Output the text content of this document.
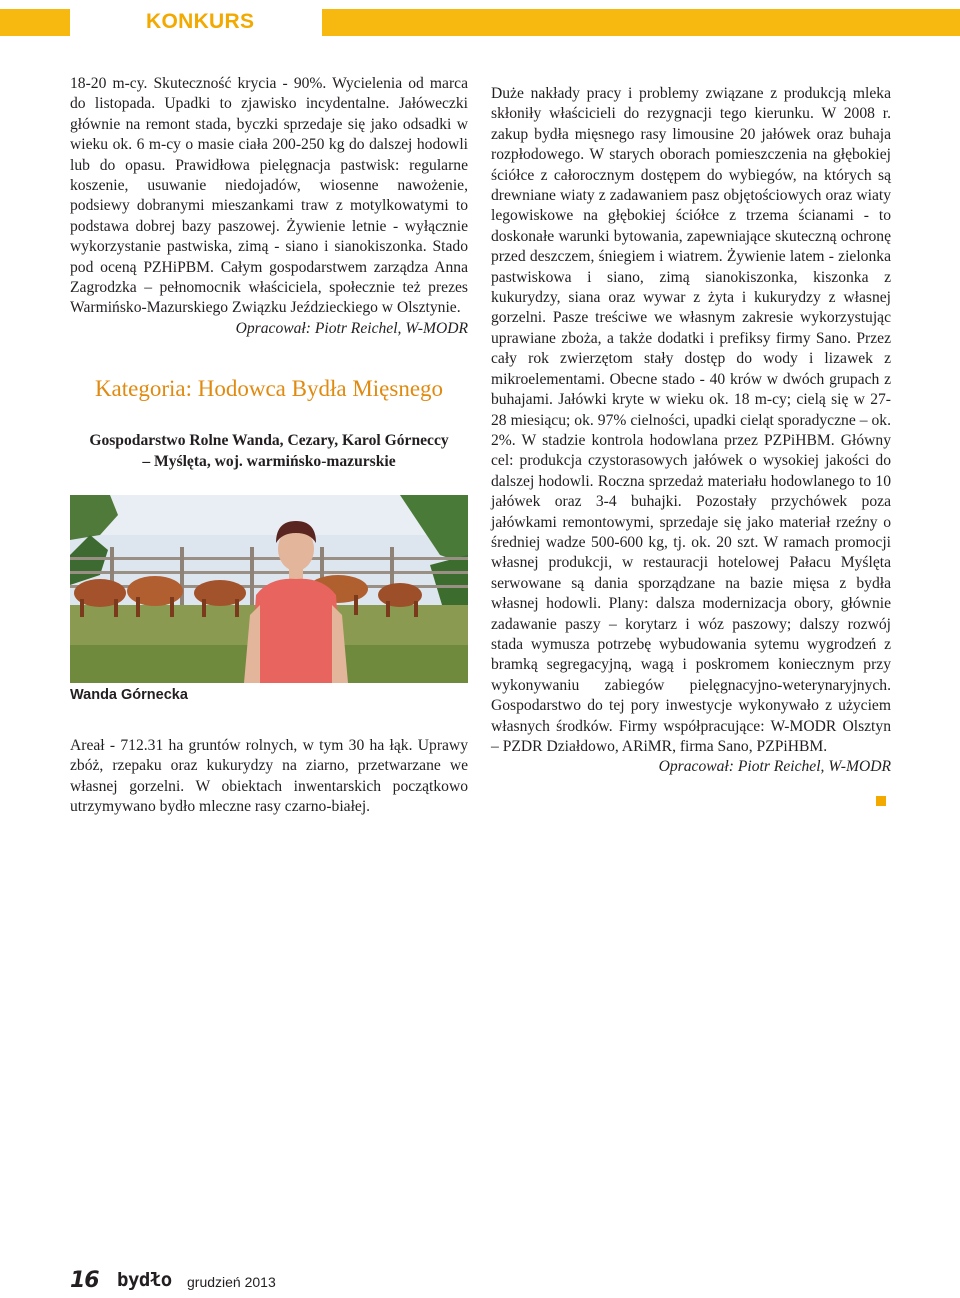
KONKURS

18-20 m-cy. Skuteczność krycia - 90%. Wycielenia od marca do listopada. Upadki to zjawisko incydentalne. Jałóweczki głównie na remont stada, byczki sprzedaje się jako odsadki w wieku ok. 6 m-cy o masie ciała 200-250 kg do dalszej hodowli lub do opasu. Prawidłowa pielęgnacja pastwisk: regularne koszenie, usuwanie niedojadów, wiosenne nawożenie, podsiewy dobranymi mieszankami traw z motylkowatymi to podstawa dobrej bazy paszowej. Żywienie letnie - wyłącznie wykorzystanie pastwiska, zimą - siano i sianokiszonka. Stado pod oceną PZHiPBM. Całym gospodarstwem zarządza Anna Zagrodzka – pełnomocnik właściciela, społecznie też prezes Warmińsko-Mazurskiego Związku Jeździeckiego w Olsztynie.

Opracował: Piotr Reichel, W-MODR

Kategoria: Hodowca Bydła Mięsnego
Gospodarstwo Rolne Wanda, Cezary, Karol Górneccy
– Myślęta, woj. warmińsko-mazurskie
Wanda Górnecka

Areał - 712.31 ha gruntów rolnych, w tym 30 ha łąk. Uprawy zbóż, rzepaku oraz kukurydzy na ziarno, przetwarzane we własnej gorzelni. W obiektach inwentarskich początkowo utrzymywano bydło mleczne rasy czarno-białej.

Duże nakłady pracy i problemy związane z produkcją mleka skłoniły właścicieli do rezygnacji tego kierunku. W 2008 r. zakup bydła mięsnego rasy limousine 20 jałówek oraz buhaja rozpłodowego. W starych oborach pomieszczenia na głębokiej ściółce z całorocznym dostępem do wybiegów, na których są drewniane wiaty z zadawaniem pasz objętościowych oraz wiaty legowiskowe na głębokiej ściółce z trzema ścianami - to doskonałe warunki bytowania, zapewniające skuteczną ochronę przed deszczem, śniegiem i wiatrem. Żywienie latem - zielonka pastwiskowa i siano, zimą sianokiszonka, kiszonka z kukurydzy, siana oraz wywar z żyta i kukurydzy z własnej gorzelni. Pasze treściwe we własnym zakresie wykorzystując uprawiane zboża, a także dodatki i prefiksy firmy Sano. Przez cały rok zwierzętom stały dostęp do wody i lizawek z mikroelementami. Obecne stado - 40 krów w dwóch grupach z buhajami. Jałówki kryte w wieku ok. 18 m-cy; cielą się w 27-28 miesiącu; ok. 97% cielności, upadki cieląt sporadyczne – ok. 2%. W stadzie kontrola hodowlana przez PZPiHBM. Główny cel: produkcja czystorasowych jałówek o wysokiej jakości do dalszej hodowli. Roczna sprzedaż materiału hodowlanego to 10 jałówek oraz 3-4 buhajki. Pozostały przychówek poza jałówkami remontowymi, sprzedaje się jako materiał rzeźny o średniej wadze 500-600 kg, tj. ok. 20 szt. W ramach promocji własnej produkcji, w restauracji hotelowej Pałacu Myślęta serwowane są dania sporządzane na bazie mięsa z bydła własnej hodowli. Plany: dalsza modernizacja obory, głównie zadawanie paszy – korytarz i wóz paszowy; dalszy rozwój stada wymusza potrzebę wybudowania sytemu wygrodzeń z bramką segregacyjną, wagą i poskromem koniecznym przy wykonywaniu zabiegów pielęgnacyjno-weterynaryjnych. Gospodarstwo do tej pory inwestycje wykonywało z użyciem własnych środków. Firmy współpracujące: W-MODR Olsztyn – PZDR Działdowo, ARiMR, firma Sano, PZPiHBM.

Opracował: Piotr Reichel, W-MODR

16 bydło grudzień 2013
